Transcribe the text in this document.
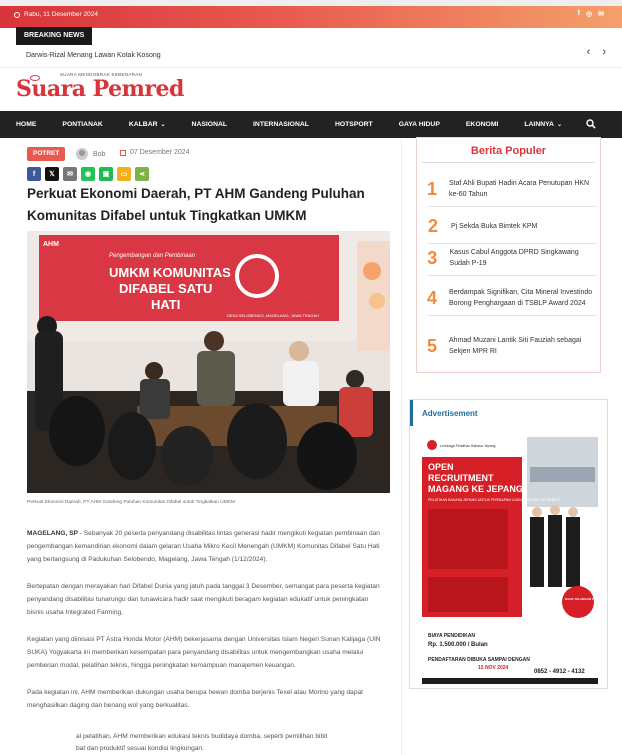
Rabu, 11 Desember 2024	f ◎ ✉
BREAKING NEWS
Darwis-Rizal Menang Lawan Kotak Kosong	‹ ›
SUARA MENDOBRAK KEBENARAN
Suara Pemred
HOME	PONTIANAK	KALBAR ⌄	NASIONAL	INTERNASIONAL	HOTSPORT	GAYA HIDUP	EKONOMI	LAINNYA ⌄
POTRET	Bob	07 Desember 2024
f	𝕏	✉	◉	▣	▭	⋖
Perkuat Ekonomi Daerah, PT AHM Gandeng Puluhan Komunitas Difabel untuk Tingkatkan UMKM
AHM
Pengembangan dan Pembinaan
UMKM KOMUNITAS
DIFABEL SATU
HATI
DESA SELOBENDO, MAGELANG, JAWA TENGAH
Perkuat Ekonomi Daerah, PT AHM Gandeng Puluhan Komunitas Difabel untuk Tingkatkan UMKM

MAGELANG, SP - Sebanyak 20 peserta penyandang disabilitas lintas generasi hadir mengikuti kegiatan pembinaan dan pengembangan kemandirian ekonomi dalam gelaran Usaha Mikro Kecil Menengah (UMKM) Komunitas Difabel Satu Hati yang berlangsung di Padukuhan Selobendo, Magelang, Jawa Tengah (1/12/2024).

Bertepatan dengan merayakan hari Difabel Dunia yang jatuh pada tanggal 3 Desember, semangat para peserta kegiatan penyandang disabilitas tunarungu dan tunawicara hadir saat mengikuti beragam kegiatan edukatif untuk peningkatan bisnis usaha Integrated Farming.

Kegiatan yang diinisasi PT Astra Honda Motor (AHM) bekerjasama dengan Universitas Islam Negeri Sunan Kalijaga (UIN SUKA) Yogyakarta ini memberikan kesempatan para penyandang disabilitas untuk mengembangkan usaha melalui pemberian modal, pelatihan teknis, hingga peningkatan kemampuan manajemen keuangan.

Pada kegiatan ini, AHM memberikan dukungan usaha berupa hewan domba berjenis Texel atau Morino yang dapat menghasilkan daging dan benang wol yang berkualitas.

al pelatihan, AHM memberikan edukasi teknis budidaya domba, seperti pemilihan bibit
bat dan produktif sesuai kondisi lingkungan.
Berita Populer
1 Staf Ahli Bupati Hadiri Acara Penutupan HKN ke-60 Tahun
2 Pj Sekda Buka Bimtek KPM
3 Kasus Cabul Anggota DPRD Singkawang Sudah P-19
4 Berdampak Signifikan, Cita Mineral Investindo Borong Penghargaan di TSBLP Award 2024
5 Ahmad Muzani Lantik Siti Fauziah sebagai Sekjen MPR RI
Advertisement
Lembaga Pelatihan Bahasa Jepang
OPEN
RECRUITMENT
MAGANG KE JEPANG
PELATIHAN BAHASA JEPANG UNTUK PERSIAPAN UJIAN SSW DAN JFT BASIC 2
DANA TALANGAN PHAH KE 1
BIAYA PENDIDIKAN
Rp. 1.500.000 / Bulan
PENDAFTARAN DIBUKA SAMPAI DENGAN
15 NOV 2024
0852 - 4912 - 4132
